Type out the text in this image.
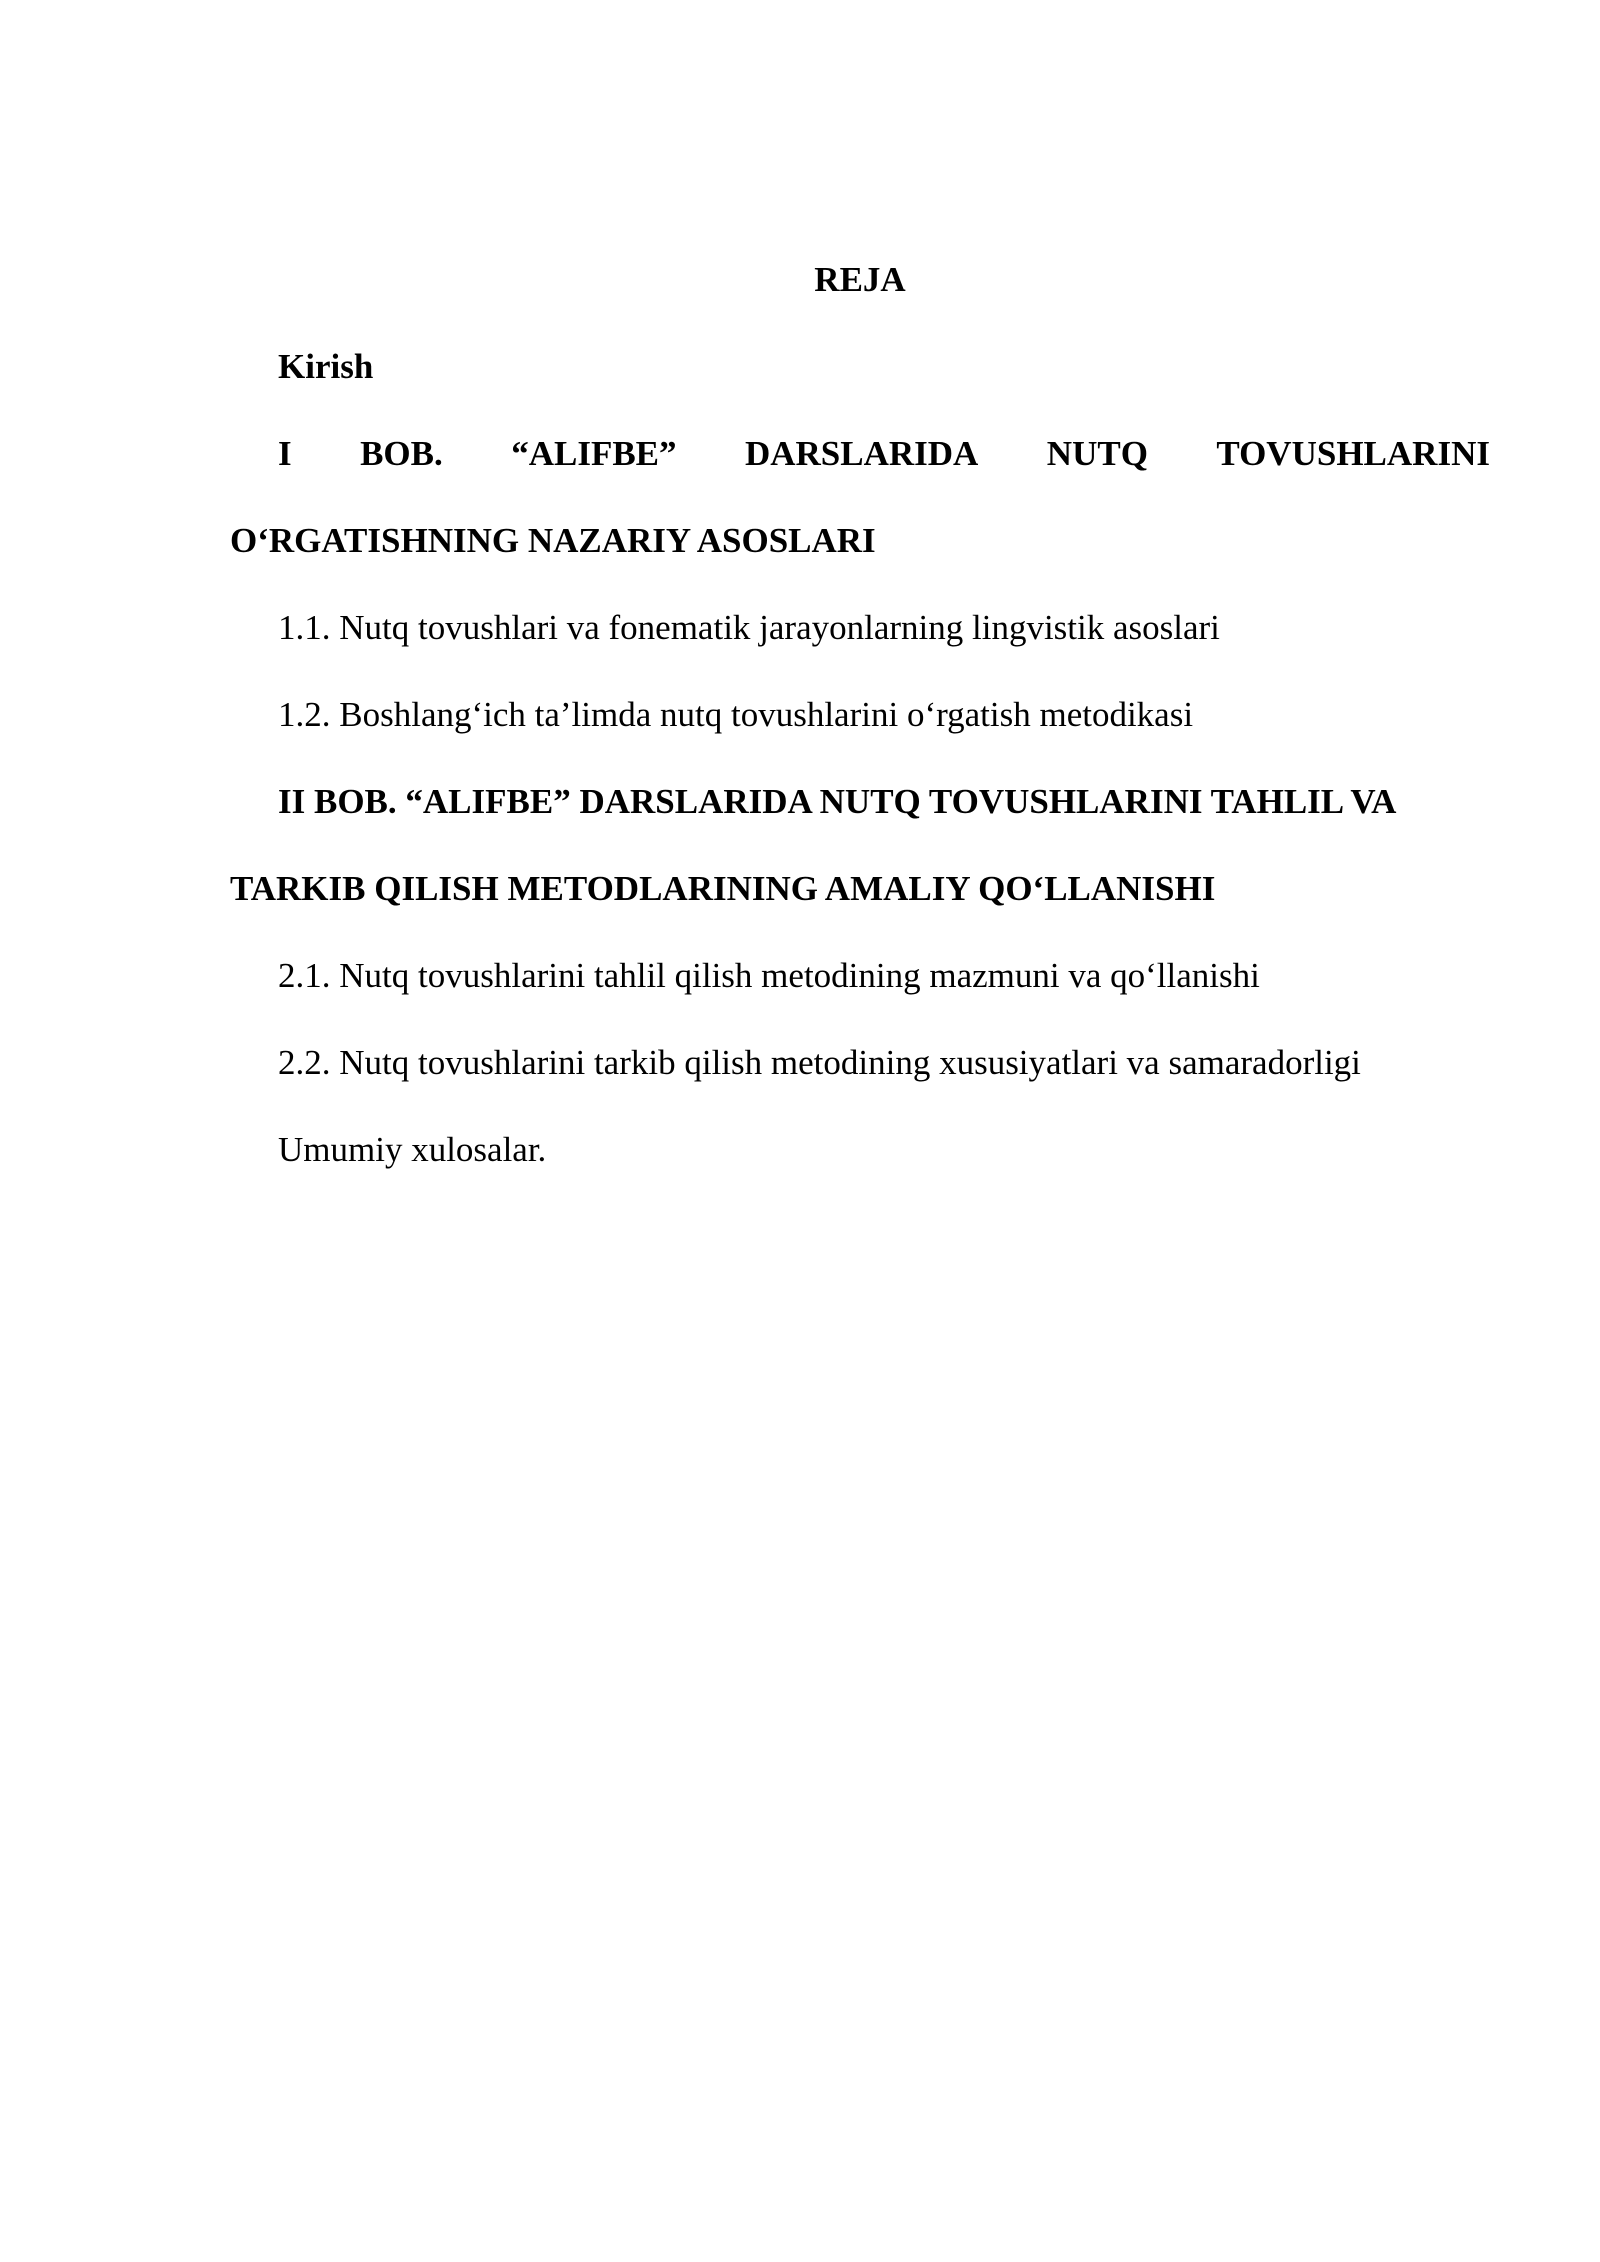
REJA
Kirish
I BOB. “ALIFBE” DARSLARIDA NUTQ TOVUSHLARINI
O‘RGATISHNING NAZARIY ASOSLARI
1.1. Nutq tovushlari va fonematik jarayonlarning lingvistik asoslari
1.2. Boshlang‘ich ta’limda nutq tovushlarini o‘rgatish metodikasi
II BOB. “ALIFBE” DARSLARIDA NUTQ TOVUSHLARINI TAHLIL VA
TARKIB QILISH METODLARINING AMALIY QO‘LLANISHI
2.1. Nutq tovushlarini tahlil qilish metodining mazmuni va qo‘llanishi
2.2. Nutq tovushlarini tarkib qilish metodining xususiyatlari va samaradorligi
Umumiy xulosalar.
